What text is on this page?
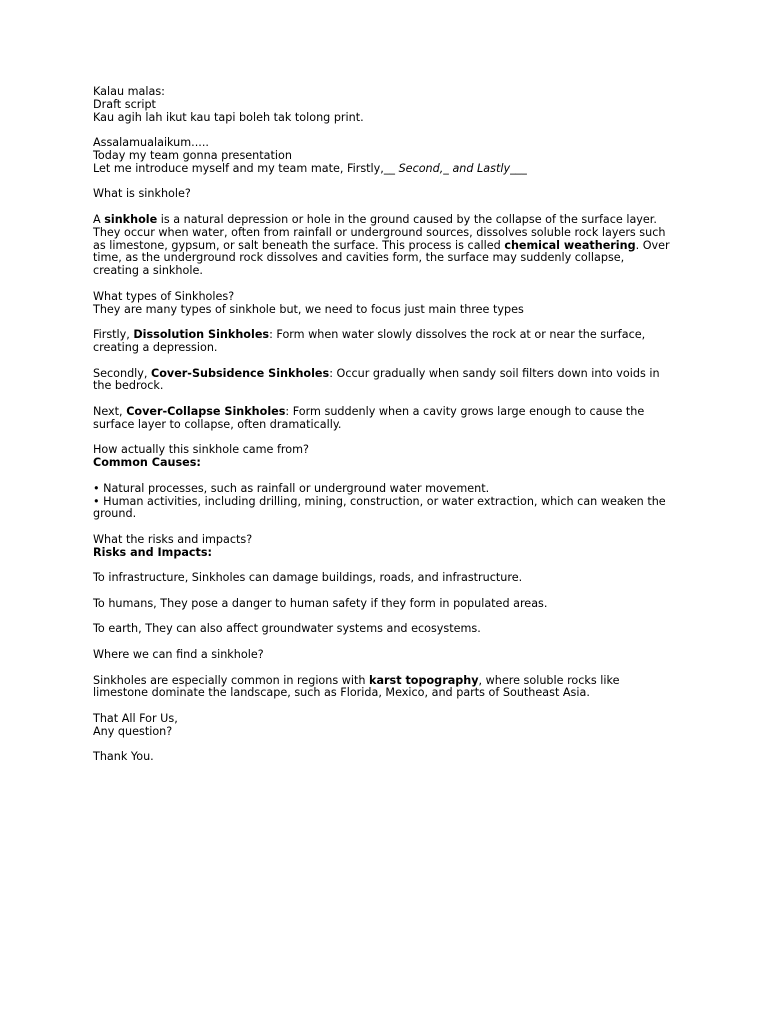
Kalau malas:
Draft script
Kau agih lah ikut kau tapi boleh tak tolong print.
Assalamualaikum.....
Today my team gonna presentation
Let me introduce myself and my team mate, Firstly,__ Second,_ and Lastly___
What is sinkhole?
A sinkhole is a natural depression or hole in the ground caused by the collapse of the surface layer. They occur when water, often from rainfall or underground sources, dissolves soluble rock layers such as limestone, gypsum, or salt beneath the surface. This process is called chemical weathering. Over time, as the underground rock dissolves and cavities form, the surface may suddenly collapse, creating a sinkhole.
What types of Sinkholes?
They are many types of sinkhole but, we need to focus just main three types
Firstly, Dissolution Sinkholes: Form when water slowly dissolves the rock at or near the surface, creating a depression.
Secondly, Cover-Subsidence Sinkholes: Occur gradually when sandy soil filters down into voids in the bedrock.
Next, Cover-Collapse Sinkholes: Form suddenly when a cavity grows large enough to cause the surface layer to collapse, often dramatically.
How actually this sinkhole came from?
Common Causes:
• Natural processes, such as rainfall or underground water movement.
• Human activities, including drilling, mining, construction, or water extraction, which can weaken the ground.
What the risks and impacts?
Risks and Impacts:
To infrastructure, Sinkholes can damage buildings, roads, and infrastructure.
To humans, They pose a danger to human safety if they form in populated areas.
To earth, They can also affect groundwater systems and ecosystems.
Where we can find a sinkhole?
Sinkholes are especially common in regions with karst topography, where soluble rocks like limestone dominate the landscape, such as Florida, Mexico, and parts of Southeast Asia.
That All For Us,
Any question?
Thank You.
